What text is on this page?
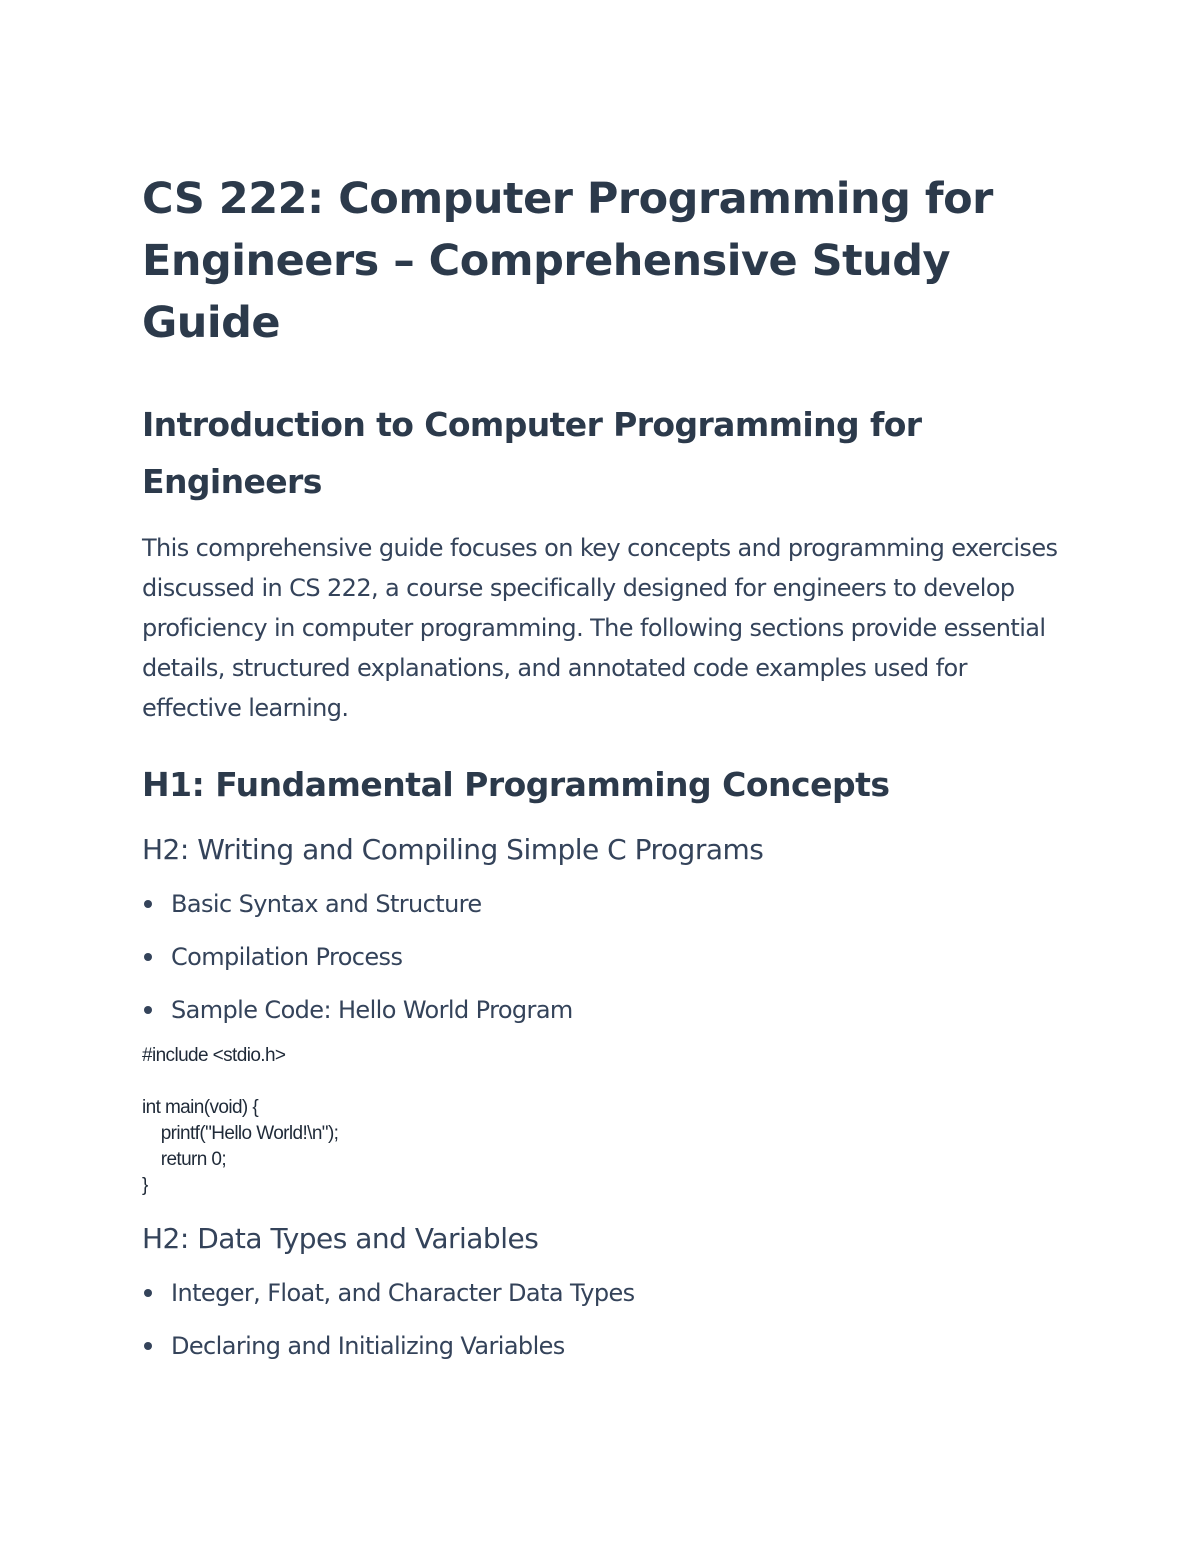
CS 222: Computer Programming for Engineers – Comprehensive Study Guide
Introduction to Computer Programming for Engineers

This comprehensive guide focuses on key concepts and programming exercises discussed in CS 222, a course specifically designed for engineers to develop proficiency in computer programming. The following sections provide essential details, structured explanations, and annotated code examples used for effective learning.

H1: Fundamental Programming Concepts
H2: Writing and Compiling Simple C Programs
Basic Syntax and Structure
Compilation Process
Sample Code: Hello World Program
#include <stdio.h>
int main(void) {
printf("Hello World!\n");
return 0;
}
H2: Data Types and Variables
Integer, Float, and Character Data Types
Declaring and Initializing Variables
